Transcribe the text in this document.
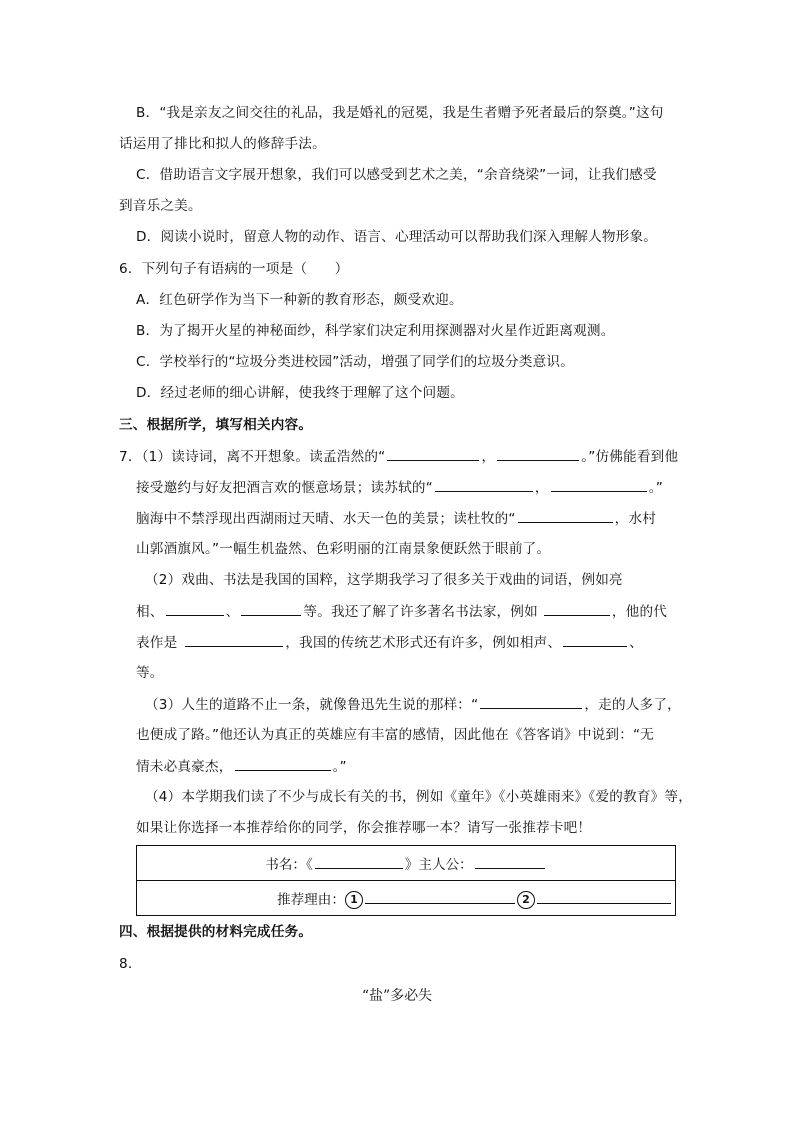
B．“我是亲友之间交往的礼品，我是婚礼的冠冕，我是生者赠予死者最后的祭奠。”这句
话运用了排比和拟人的修辞手法。
C．借助语言文字展开想象，我们可以感受到艺术之美，“余音绕梁”一词，让我们感受
到音乐之美。
D．阅读小说时，留意人物的动作、语言、心理活动可以帮助我们深入理解人物形象。
6．下列句子有语病的一项是（　　）
A．红色研学作为当下一种新的教育形态，颇受欢迎。
B．为了揭开火星的神秘面纱，科学家们决定利用探测器对火星作近距离观测。
C．学校举行的“垃圾分类进校园”活动，增强了同学们的垃圾分类意识。
D．经过老师的细心讲解，使我终于理解了这个问题。
三、根据所学，填写相关内容。
7．（1）读诗词，离不开想象。读孟浩然的“	，	。”仿佛能看到他
接受邀约与好友把酒言欢的惬意场景；读苏轼的“	，	。”
脑海中不禁浮现出西湖雨过天晴、水天一色的美景；读杜牧的“	，水村
山郭酒旗风。”一幅生机盎然、色彩明丽的江南景象便跃然于眼前了。
（2）戏曲、书法是我国的国粹，这学期我学习了很多关于戏曲的词语，例如亮
相、	、	等。我还了解了许多著名书法家，例如	，他的代
表作是	，我国的传统艺术形式还有许多，例如相声、	、
等。
（3）人生的道路不止一条，就像鲁迅先生说的那样：“	，走的人多了，
也便成了路。”他还认为真正的英雄应有丰富的感情，因此他在《答客诮》中说到：“无
情未必真豪杰，	。”
（4）本学期我们读了不少与成长有关的书，例如《童年》《小英雄雨来》《爱的教育》等，
如果让你选择一本推荐给你的同学，你会推荐哪一本？请写一张推荐卡吧！
书名：《	》主人公：
推荐理由： 1	2
四、根据提供的材料完成任务。
8．
“盐”多必失
